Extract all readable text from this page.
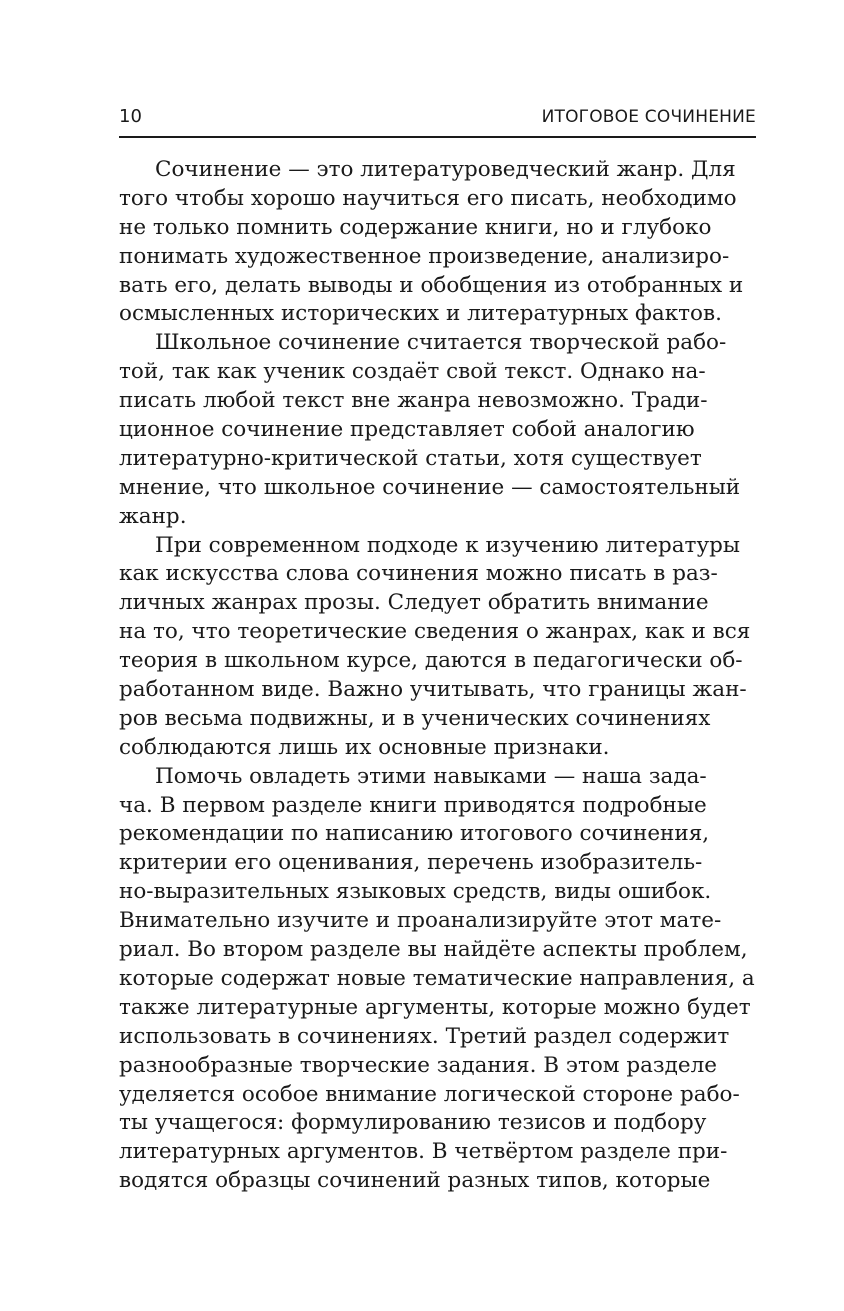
10	ИТОГОВОЕ СОЧИНЕНИЕ
Сочинение — это литературоведческий жанр. Для
того чтобы хорошо научиться его писать, необходимо
не только помнить содержание книги, но и глубоко
понимать художественное произведение, анализиро-
вать его, делать выводы и обобщения из отобранных и
осмысленных исторических и литературных фактов.
Школьное сочинение считается творческой рабо-
той, так как ученик создаёт свой текст. Однако на-
писать любой текст вне жанра невозможно. Тради-
ционное сочинение представляет собой аналогию
литературно-критической статьи, хотя существует
мнение, что школьное сочинение — самостоятельный
жанр.
При современном подходе к изучению литературы
как искусства слова сочинения можно писать в раз-
личных жанрах прозы. Следует обратить внимание
на то, что теоретические сведения о жанрах, как и вся
теория в школьном курсе, даются в педагогически об-
работанном виде. Важно учитывать, что границы жан-
ров весьма подвижны, и в ученических сочинениях
соблюдаются лишь их основные признаки.
Помочь овладеть этими навыками — наша зада-
ча. В первом разделе книги приводятся подробные
рекомендации по написанию итогового сочинения,
критерии его оценивания, перечень изобразитель-
но-выразительных языковых средств, виды ошибок.
Внимательно изучите и проанализируйте этот мате-
риал. Во втором разделе вы найдёте аспекты проблем,
которые содержат новые тематические направления, а
также литературные аргументы, которые можно будет
использовать в сочинениях. Третий раздел содержит
разнообразные творческие задания. В этом разделе
уделяется особое внимание логической стороне рабо-
ты учащегося: формулированию тезисов и подбору
литературных аргументов. В четвёртом разделе при-
водятся образцы сочинений разных типов, которые
